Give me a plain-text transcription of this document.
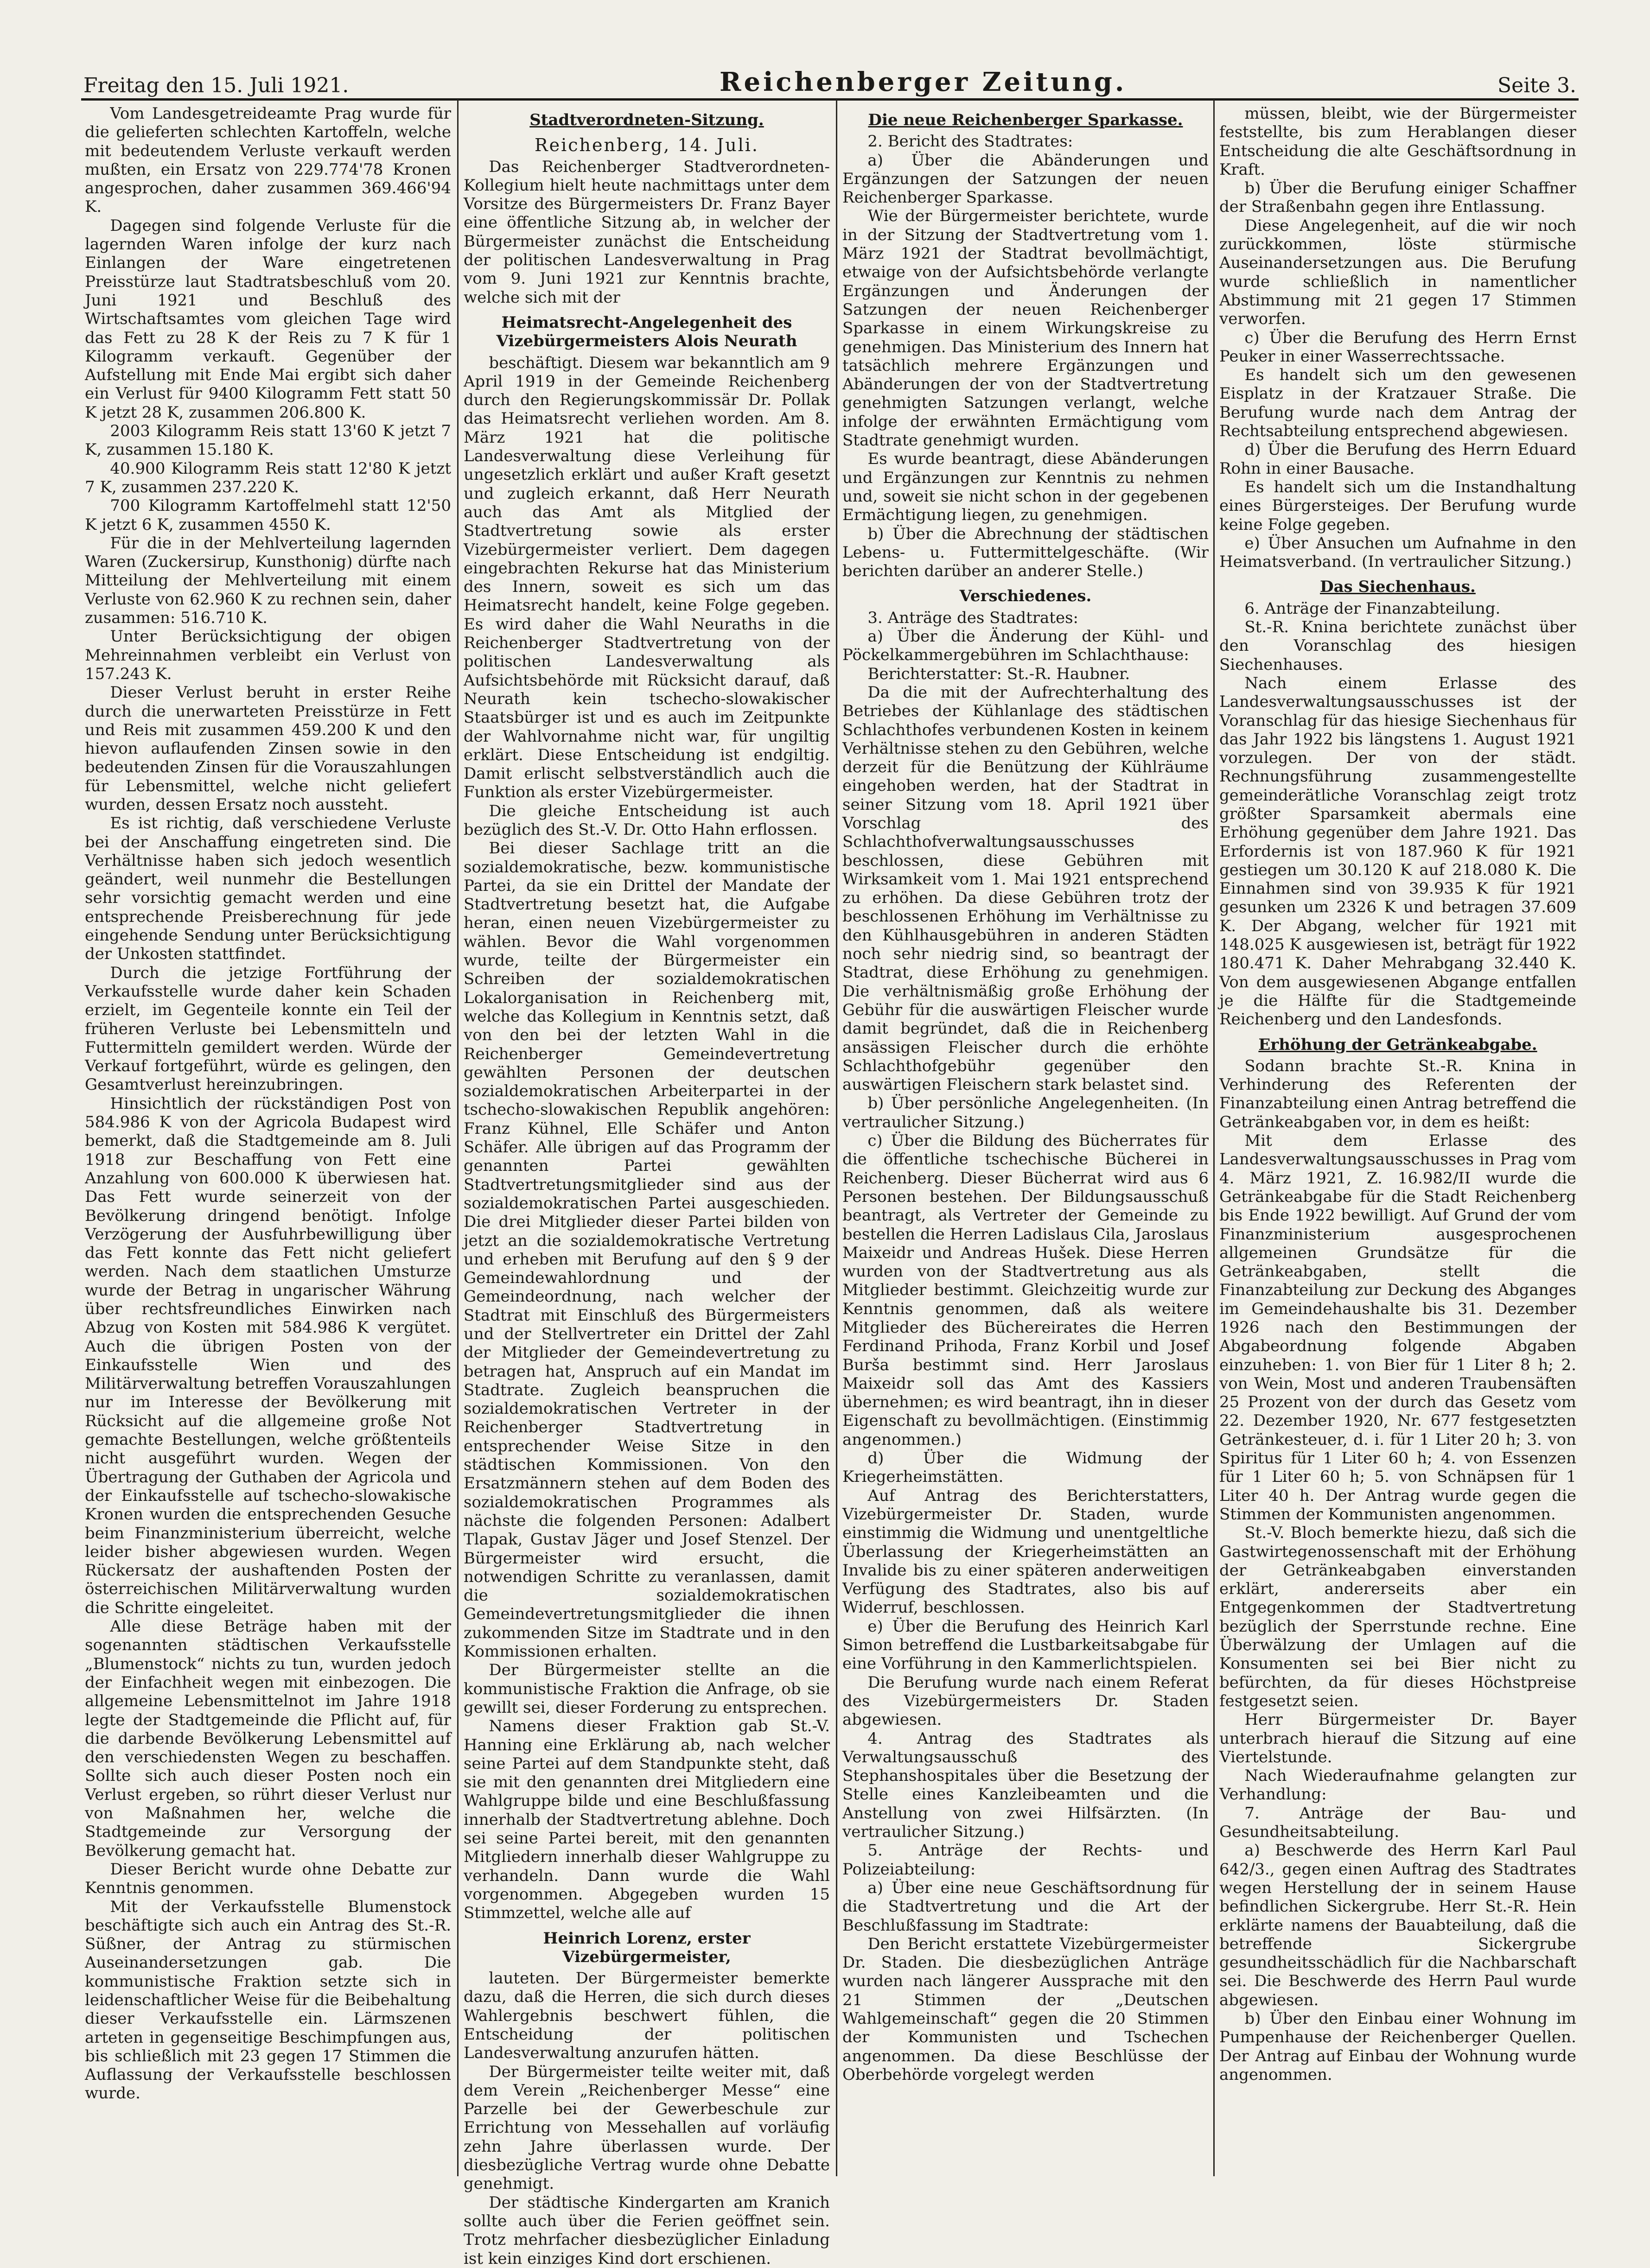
Freitag den 15. Juli 1921.	Reichenberger Zeitung.	Seite 3.

Vom Landesgetreideamte Prag wurde für die gelieferten schlechten Kartoffeln, welche mit bedeutendem Verluste verkauft werden mußten, ein Ersatz von 229.774'78 Kronen angesprochen, daher zusammen 369.466'94 K.

Dagegen sind folgende Verluste für die lagernden Waren infolge der kurz nach Einlangen der Ware eingetretenen Preisstürze laut Stadtratsbeschluß vom 20. Juni 1921 und Beschluß des Wirtschaftsamtes vom gleichen Tage wird das Fett zu 28 K der Reis zu 7 K für 1 Kilogramm verkauft. Gegenüber der Aufstellung mit Ende Mai ergibt sich daher ein Verlust für 9400 Kilogramm Fett statt 50 K jetzt 28 K, zusammen 206.800 K.

2003 Kilogramm Reis statt 13'60 K jetzt 7 K, zusammen 15.180 K.

40.900 Kilogramm Reis statt 12'80 K jetzt 7 K, zusammen 237.220 K.

700 Kilogramm Kartoffelmehl statt 12'50 K jetzt 6 K, zusammen 4550 K.

Für die in der Mehlverteilung lagernden Waren (Zuckersirup, Kunsthonig) dürfte nach Mitteilung der Mehlverteilung mit einem Verluste von 62.960 K zu rechnen sein, daher zusammen: 516.710 K.

Unter Berücksichtigung der obigen Mehreinnahmen verbleibt ein Verlust von 157.243 K.

Dieser Verlust beruht in erster Reihe durch die unerwarteten Preisstürze in Fett und Reis mit zusammen 459.200 K und den hievon auflaufenden Zinsen sowie in den bedeutenden Zinsen für die Vorauszahlungen für Lebensmittel, welche nicht geliefert wurden, dessen Ersatz noch aussteht.

Es ist richtig, daß verschiedene Verluste bei der Anschaffung eingetreten sind. Die Verhältnisse haben sich jedoch wesentlich geändert, weil nunmehr die Bestellungen sehr vorsichtig gemacht werden und eine entsprechende Preisberechnung für jede eingehende Sendung unter Berücksichtigung der Unkosten stattfindet.

Durch die jetzige Fortführung der Verkaufsstelle wurde daher kein Schaden erzielt, im Gegenteile konnte ein Teil der früheren Verluste bei Lebensmitteln und Futtermitteln gemildert werden. Würde der Verkauf fortgeführt, würde es gelingen, den Gesamtverlust hereinzubringen.

Hinsichtlich der rückständigen Post von 584.986 K von der Agricola Budapest wird bemerkt, daß die Stadtgemeinde am 8. Juli 1918 zur Beschaffung von Fett eine Anzahlung von 600.000 K überwiesen hat. Das Fett wurde seinerzeit von der Bevölkerung dringend benötigt. Infolge Verzögerung der Ausfuhrbewilligung über das Fett konnte das Fett nicht geliefert werden. Nach dem staatlichen Umsturze wurde der Betrag in ungarischer Währung über rechtsfreundliches Einwirken nach Abzug von Kosten mit 584.986 K vergütet. Auch die übrigen Posten von der Einkaufsstelle Wien und des Militärverwaltung betreffen Vorauszahlungen nur im Interesse der Bevölkerung mit Rücksicht auf die allgemeine große Not gemachte Bestellungen, welche größtenteils nicht ausgeführt wurden. Wegen der Übertragung der Guthaben der Agricola und der Einkaufsstelle auf tschecho-slowakische Kronen wurden die entsprechenden Gesuche beim Finanzministerium überreicht, welche leider bisher abgewiesen wurden. Wegen Rückersatz der aushaftenden Posten der österreichischen Militärverwaltung wurden die Schritte eingeleitet.

Alle diese Beträge haben mit der sogenannten städtischen Verkaufsstelle „Blumenstock“ nichts zu tun, wurden jedoch der Einfachheit wegen mit einbezogen. Die allgemeine Lebensmittelnot im Jahre 1918 legte der Stadtgemeinde die Pflicht auf, für die darbende Bevölkerung Lebensmittel auf den verschiedensten Wegen zu beschaffen. Sollte sich auch dieser Posten noch ein Verlust ergeben, so rührt dieser Verlust nur von Maßnahmen her, welche die Stadtgemeinde zur Versorgung der Bevölkerung gemacht hat.

Dieser Bericht wurde ohne Debatte zur Kenntnis genommen.

Mit der Verkaufsstelle Blumenstock beschäftigte sich auch ein Antrag des St.-R. Süßner, der Antrag zu stürmischen Auseinandersetzungen gab. Die kommunistische Fraktion setzte sich in leidenschaftlicher Weise für die Beibehaltung dieser Verkaufsstelle ein. Lärmszenen arteten in gegenseitige Beschimpfungen aus, bis schließlich mit 23 gegen 17 Stimmen die Auflassung der Verkaufsstelle beschlossen wurde.

Stadtverordneten-Sitzung.
Reichenberg, 14. Juli.

Das Reichenberger Stadtverordneten-Kollegium hielt heute nachmittags unter dem Vorsitze des Bürgermeisters Dr. Franz Bayer eine öffentliche Sitzung ab, in welcher der Bürgermeister zunächst die Entscheidung der politischen Landesverwaltung in Prag vom 9. Juni 1921 zur Kenntnis brachte, welche sich mit der

Heimatsrecht-Angelegenheit des Vizebürgermeisters Alois Neurath

beschäftigt. Diesem war bekanntlich am 9 April 1919 in der Gemeinde Reichenberg durch den Regierungskommissär Dr. Pollak das Heimatsrecht verliehen worden. Am 8. März 1921 hat die politische Landesverwaltung diese Verleihung für ungesetzlich erklärt und außer Kraft gesetzt und zugleich erkannt, daß Herr Neurath auch das Amt als Mitglied der Stadtvertretung sowie als erster Vizebürgermeister verliert. Dem dagegen eingebrachten Rekurse hat das Ministerium des Innern, soweit es sich um das Heimatsrecht handelt, keine Folge gegeben. Es wird daher die Wahl Neuraths in die Reichenberger Stadtvertretung von der politischen Landesverwaltung als Aufsichtsbehörde mit Rücksicht darauf, daß Neurath kein tschecho-slowakischer Staatsbürger ist und es auch im Zeitpunkte der Wahlvornahme nicht war, für ungiltig erklärt. Diese Entscheidung ist endgiltig. Damit erlischt selbstverständlich auch die Funktion als erster Vizebürgermeister.

Die gleiche Entscheidung ist auch bezüglich des St.-V. Dr. Otto Hahn erflossen.

Bei dieser Sachlage tritt an die sozialdemokratische, bezw. kommunistische Partei, da sie ein Drittel der Mandate der Stadtvertretung besetzt hat, die Aufgabe heran, einen neuen Vizebürgermeister zu wählen. Bevor die Wahl vorgenommen wurde, teilte der Bürgermeister ein Schreiben der sozialdemokratischen Lokalorganisation in Reichenberg mit, welche das Kollegium in Kenntnis setzt, daß von den bei der letzten Wahl in die Reichenberger Gemeindevertretung gewählten Personen der deutschen sozialdemokratischen Arbeiterpartei in der tschecho-slowakischen Republik angehören: Franz Kühnel, Elle Schäfer und Anton Schäfer. Alle übrigen auf das Programm der genannten Partei gewählten Stadtvertretungsmitglieder sind aus der sozialdemokratischen Partei ausgeschieden. Die drei Mitglieder dieser Partei bilden von jetzt an die sozialdemokratische Vertretung und erheben mit Berufung auf den § 9 der Gemeindewahlordnung und der Gemeindeordnung, nach welcher der Stadtrat mit Einschluß des Bürgermeisters und der Stellvertreter ein Drittel der Zahl der Mitglieder der Gemeindevertretung zu betragen hat, Anspruch auf ein Mandat im Stadtrate. Zugleich beanspruchen die sozialdemokratischen Vertreter in der Reichenberger Stadtvertretung in entsprechender Weise Sitze in den städtischen Kommissionen. Von den Ersatzmännern stehen auf dem Boden des sozialdemokratischen Programmes als nächste die folgenden Personen: Adalbert Tlapak, Gustav Jäger und Josef Stenzel. Der Bürgermeister wird ersucht, die notwendigen Schritte zu veranlassen, damit die sozialdemokratischen Gemeindevertretungsmitglieder die ihnen zukommenden Sitze im Stadtrate und in den Kommissionen erhalten.

Der Bürgermeister stellte an die kommunistische Fraktion die Anfrage, ob sie gewillt sei, dieser Forderung zu entsprechen.

Namens dieser Fraktion gab St.-V. Hanning eine Erklärung ab, nach welcher seine Partei auf dem Standpunkte steht, daß sie mit den genannten drei Mitgliedern eine Wahlgruppe bilde und eine Beschlußfassung innerhalb der Stadtvertretung ablehne. Doch sei seine Partei bereit, mit den genannten Mitgliedern innerhalb dieser Wahlgruppe zu verhandeln. Dann wurde die Wahl vorgenommen. Abgegeben wurden 15 Stimmzettel, welche alle auf

Heinrich Lorenz, erster Vizebürgermeister,

lauteten. Der Bürgermeister bemerkte dazu, daß die Herren, die sich durch dieses Wahlergebnis beschwert fühlen, die Entscheidung der politischen Landesverwaltung anzurufen hätten.

Der Bürgermeister teilte weiter mit, daß dem Verein „Reichenberger Messe“ eine Parzelle bei der Gewerbeschule zur Errichtung von Messehallen auf vorläufig zehn Jahre überlassen wurde. Der diesbezügliche Vertrag wurde ohne Debatte genehmigt.

Der städtische Kindergarten am Kranich sollte auch über die Ferien geöffnet sein. Trotz mehrfacher diesbezüglicher Einladung ist kein einziges Kind dort erschienen.

Die neue Reichenberger Sparkasse.

2. Bericht des Stadtrates:

a) Über die Abänderungen und Ergänzungen der Satzungen der neuen Reichenberger Sparkasse.

Wie der Bürgermeister berichtete, wurde in der Sitzung der Stadtvertretung vom 1. März 1921 der Stadtrat bevollmächtigt, etwaige von der Aufsichtsbehörde verlangte Ergänzungen und Änderungen der Satzungen der neuen Reichenberger Sparkasse in einem Wirkungskreise zu genehmigen. Das Ministerium des Innern hat tatsächlich mehrere Ergänzungen und Abänderungen der von der Stadtvertretung genehmigten Satzungen verlangt, welche infolge der erwähnten Ermächtigung vom Stadtrate genehmigt wurden.

Es wurde beantragt, diese Abänderungen und Ergänzungen zur Kenntnis zu nehmen und, soweit sie nicht schon in der gegebenen Ermächtigung liegen, zu genehmigen.

b) Über die Abrechnung der städtischen Lebens- u. Futtermittelgeschäfte. (Wir berichten darüber an anderer Stelle.)

Verschiedenes.

3. Anträge des Stadtrates:

a) Über die Änderung der Kühl- und Pöckelkammergebühren im Schlachthause:

Berichterstatter: St.-R. Haubner.

Da die mit der Aufrechterhaltung des Betriebes der Kühlanlage des städtischen Schlachthofes verbundenen Kosten in keinem Verhältnisse stehen zu den Gebühren, welche derzeit für die Benützung der Kühlräume eingehoben werden, hat der Stadtrat in seiner Sitzung vom 18. April 1921 über Vorschlag des Schlachthofverwaltungsausschusses beschlossen, diese Gebühren mit Wirksamkeit vom 1. Mai 1921 entsprechend zu erhöhen. Da diese Gebühren trotz der beschlossenen Erhöhung im Verhältnisse zu den Kühlhausgebühren in anderen Städten noch sehr niedrig sind, so beantragt der Stadtrat, diese Erhöhung zu genehmigen. Die verhältnismäßig große Erhöhung der Gebühr für die auswärtigen Fleischer wurde damit begründet, daß die in Reichenberg ansässigen Fleischer durch die erhöhte Schlachthofgebühr gegenüber den auswärtigen Fleischern stark belastet sind.

b) Über persönliche Angelegenheiten. (In vertraulicher Sitzung.)

c) Über die Bildung des Bücherrates für die öffentliche tschechische Bücherei in Reichenberg. Dieser Bücherrat wird aus 6 Personen bestehen. Der Bildungsausschuß beantragt, als Vertreter der Gemeinde zu bestellen die Herren Ladislaus Cila, Jaroslaus Maixeidr und Andreas Hušek. Diese Herren wurden von der Stadtvertretung aus als Mitglieder bestimmt. Gleichzeitig wurde zur Kenntnis genommen, daß als weitere Mitglieder des Büchereirates die Herren Ferdinand Prihoda, Franz Korbil und Josef Burša bestimmt sind. Herr Jaroslaus Maixeidr soll das Amt des Kassiers übernehmen; es wird beantragt, ihn in dieser Eigenschaft zu bevollmächtigen. (Einstimmig angenommen.)

d) Über die Widmung der Kriegerheimstätten.

Auf Antrag des Berichterstatters, Vizebürgermeister Dr. Staden, wurde einstimmig die Widmung und unentgeltliche Überlassung der Kriegerheimstätten an Invalide bis zu einer späteren anderweitigen Verfügung des Stadtrates, also bis auf Widerruf, beschlossen.

e) Über die Berufung des Heinrich Karl Simon betreffend die Lustbarkeitsabgabe für eine Vorführung in den Kammerlichtspielen.

Die Berufung wurde nach einem Referat des Vizebürgermeisters Dr. Staden abgewiesen.

4. Antrag des Stadtrates als Verwaltungsausschuß des Stephanshospitales über die Besetzung der Stelle eines Kanzleibeamten und die Anstellung von zwei Hilfsärzten. (In vertraulicher Sitzung.)

5. Anträge der Rechts- und Polizeiabteilung:

a) Über eine neue Geschäftsordnung für die Stadtvertretung und die Art der Beschlußfassung im Stadtrate:

Den Bericht erstattete Vizebürgermeister Dr. Staden. Die diesbezüglichen Anträge wurden nach längerer Aussprache mit den 21 Stimmen der „Deutschen Wahlgemeinschaft“ gegen die 20 Stimmen der Kommunisten und Tschechen angenommen. Da diese Beschlüsse der Oberbehörde vorgelegt werden

müssen, bleibt, wie der Bürgermeister feststellte, bis zum Herablangen dieser Entscheidung die alte Geschäftsordnung in Kraft.

b) Über die Berufung einiger Schaffner der Straßenbahn gegen ihre Entlassung.

Diese Angelegenheit, auf die wir noch zurückkommen, löste stürmische Auseinandersetzungen aus. Die Berufung wurde schließlich in namentlicher Abstimmung mit 21 gegen 17 Stimmen verworfen.

c) Über die Berufung des Herrn Ernst Peuker in einer Wasserrechtssache.

Es handelt sich um den gewesenen Eisplatz in der Kratzauer Straße. Die Berufung wurde nach dem Antrag der Rechtsabteilung entsprechend abgewiesen.

d) Über die Berufung des Herrn Eduard Rohn in einer Bausache.

Es handelt sich um die Instandhaltung eines Bürgersteiges. Der Berufung wurde keine Folge gegeben.

e) Über Ansuchen um Aufnahme in den Heimatsverband. (In vertraulicher Sitzung.)

Das Siechenhaus.

6. Anträge der Finanzabteilung.

St.-R. Knina berichtete zunächst über den Voranschlag des hiesigen Siechenhauses.

Nach einem Erlasse des Landesverwaltungsausschusses ist der Voranschlag für das hiesige Siechenhaus für das Jahr 1922 bis längstens 1. August 1921 vorzulegen. Der von der städt. Rechnungsführung zusammengestellte gemeinderätliche Voranschlag zeigt trotz größter Sparsamkeit abermals eine Erhöhung gegenüber dem Jahre 1921. Das Erfordernis ist von 187.960 K für 1921 gestiegen um 30.120 K auf 218.080 K. Die Einnahmen sind von 39.935 K für 1921 gesunken um 2326 K und betragen 37.609 K. Der Abgang, welcher für 1921 mit 148.025 K ausgewiesen ist, beträgt für 1922 180.471 K. Daher Mehrabgang 32.440 K. Von dem ausgewiesenen Abgange entfallen je die Hälfte für die Stadtgemeinde Reichenberg und den Landesfonds.

Erhöhung der Getränkeabgabe.

Sodann brachte St.-R. Knina in Verhinderung des Referenten der Finanzabteilung einen Antrag betreffend die Getränkeabgaben vor, in dem es heißt:

Mit dem Erlasse des Landesverwaltungsausschusses in Prag vom 4. März 1921, Z. 16.982/II wurde die Getränkeabgabe für die Stadt Reichenberg bis Ende 1922 bewilligt. Auf Grund der vom Finanzministerium ausgesprochenen allgemeinen Grundsätze für die Getränkeabgaben, stellt die Finanzabteilung zur Deckung des Abganges im Gemeindehaushalte bis 31. Dezember 1926 nach den Bestimmungen der Abgabeordnung folgende Abgaben einzuheben: 1. von Bier für 1 Liter 8 h; 2. von Wein, Most und anderen Traubensäften 25 Prozent von der durch das Gesetz vom 22. Dezember 1920, Nr. 677 festgesetzten Getränkesteuer, d. i. für 1 Liter 20 h; 3. von Spiritus für 1 Liter 60 h; 4. von Essenzen für 1 Liter 60 h; 5. von Schnäpsen für 1 Liter 40 h. Der Antrag wurde gegen die Stimmen der Kommunisten angenommen.

St.-V. Bloch bemerkte hiezu, daß sich die Gastwirtegenossenschaft mit der Erhöhung der Getränkeabgaben einverstanden erklärt, andererseits aber ein Entgegenkommen der Stadtvertretung bezüglich der Sperrstunde rechne. Eine Überwälzung der Umlagen auf die Konsumenten sei bei Bier nicht zu befürchten, da für dieses Höchstpreise festgesetzt seien.

Herr Bürgermeister Dr. Bayer unterbrach hierauf die Sitzung auf eine Viertelstunde.

Nach Wiederaufnahme gelangten zur Verhandlung:

7. Anträge der Bau- und Gesundheitsabteilung.

a) Beschwerde des Herrn Karl Paul 642/3., gegen einen Auftrag des Stadtrates wegen Herstellung der in seinem Hause befindlichen Sickergrube. Herr St.-R. Hein erklärte namens der Bauabteilung, daß die betreffende Sickergrube gesundheitsschädlich für die Nachbarschaft sei. Die Beschwerde des Herrn Paul wurde abgewiesen.

b) Über den Einbau einer Wohnung im Pumpenhause der Reichenberger Quellen. Der Antrag auf Einbau der Wohnung wurde angenommen.
